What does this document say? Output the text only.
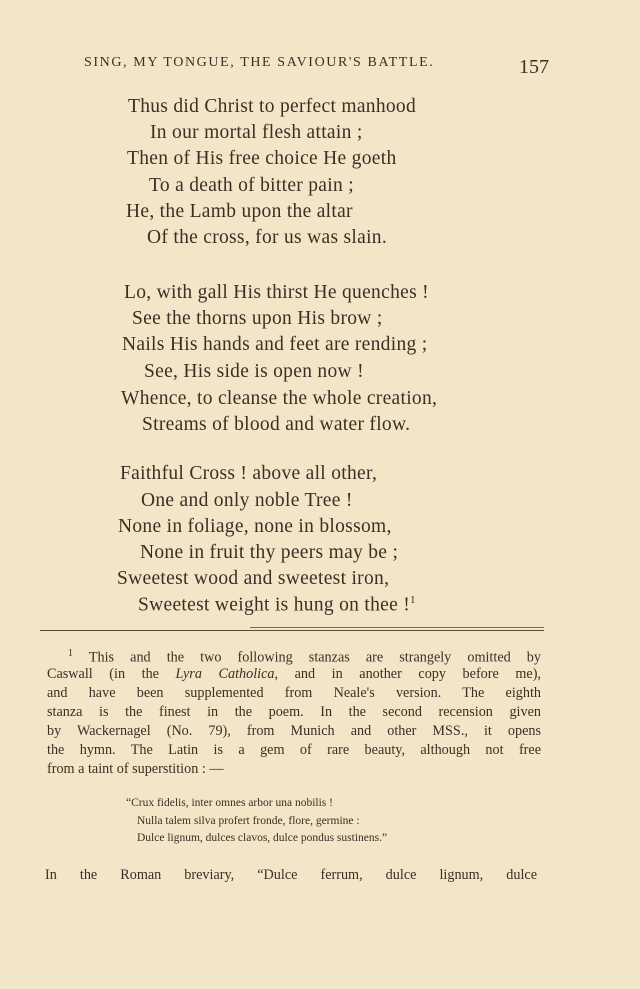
SING, MY TONGUE, THE SAVIOUR'S BATTLE.	157
Thus did Christ to perfect manhood
In our mortal flesh attain ;
Then of His free choice He goeth
To a death of bitter pain ;
He, the Lamb upon the altar
Of the cross, for us was slain.
Lo, with gall His thirst He quenches !
See the thorns upon His brow ;
Nails His hands and feet are rending ;
See, His side is open now !
Whence, to cleanse the whole creation,
Streams of blood and water flow.
Faithful Cross ! above all other,
One and only noble Tree !
None in foliage, none in blossom,
None in fruit thy peers may be ;
Sweetest wood and sweetest iron,
Sweetest weight is hung on thee !$^1$
$^1$ This and the two following stanzas are strangely omitted by
Caswall (in the Lyra Catholica, and in another copy before me),
and have been supplemented from Neale's version. The eighth
stanza is the finest in the poem. In the second recension given
by Wackernagel (No. 79), from Munich and other MSS., it opens
the hymn. The Latin is a gem of rare beauty, although not free
from a taint of superstition : —
“Crux fidelis, inter omnes arbor una nobilis !
Nulla talem silva profert fronde, flore, germine :
Dulce lignum, dulces clavos, dulce pondus sustinens.”
In the Roman breviary, “Dulce ferrum, dulce lignum, dulce
